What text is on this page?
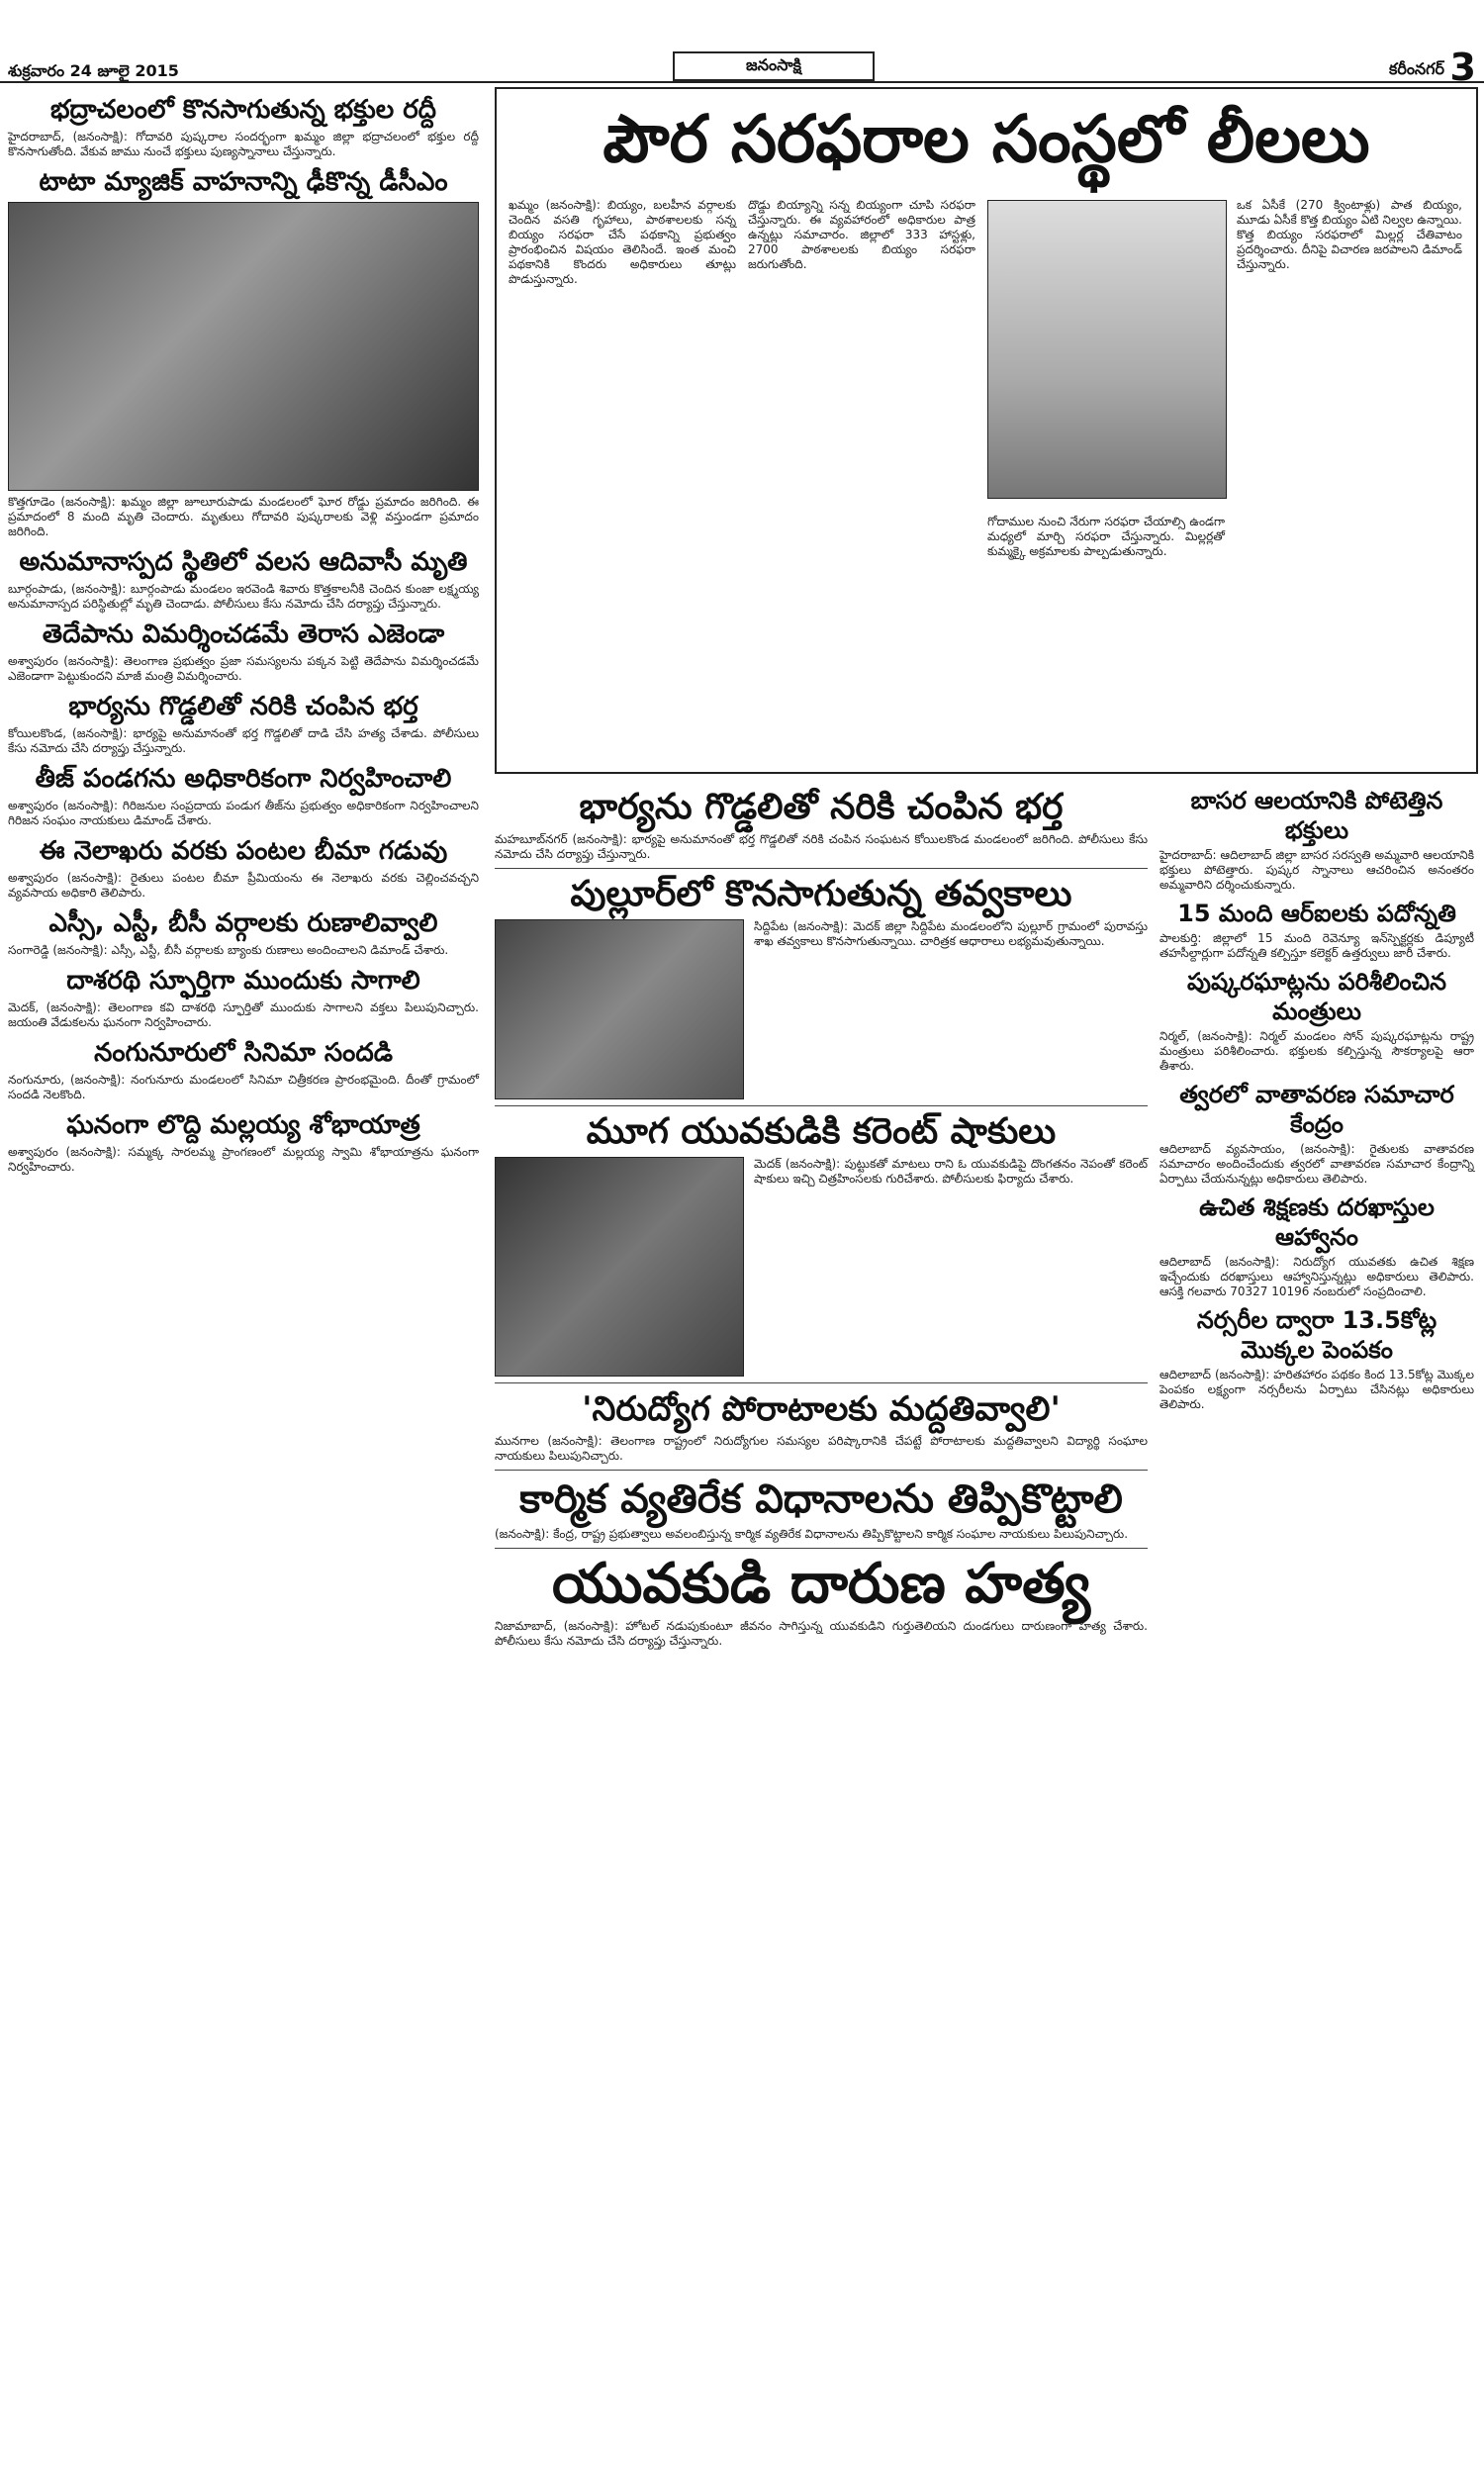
శుక్రవారం 24 జూలై 2015	జనంసాక్షి	కరీంనగర్ 3
భద్రాచలంలో కొనసాగుతున్న భక్తుల రద్దీ

హైదరాబాద్‌, (జనంసాక్షి): గోదావరి పుష్కరాల సందర్భంగా ఖమ్మం జిల్లా భద్రాచలంలో భక్తుల రద్దీ కొనసాగుతోంది. వేకువ జాము నుంచే భక్తులు పుణ్యస్నానాలు చేస్తున్నారు.

టాటా మ్యాజిక్‌ వాహనాన్ని ఢీకొన్న డీసీఎం

కొత్తగూడెం (జనంసాక్షి): ఖమ్మం జిల్లా జూలూరుపాడు మండలంలో ఘోర రోడ్డు ప్రమాదం జరిగింది. ఈ ప్రమాదంలో 8 మంది మృతి చెందారు. మృతులు గోదావరి పుష్కరాలకు వెళ్లి వస్తుండగా ప్రమాదం జరిగింది.

అనుమానాస్పద స్థితిలో వలస ఆదివాసీ మృతి

బూర్గంపాడు, (జనంసాక్షి): బూర్గంపాడు మండలం ఇరవెండి శివారు కొత్తకాలనీకి చెందిన కుంజా లక్ష్మయ్య అనుమానాస్పద పరిస్థితుల్లో మృతి చెందాడు. పోలీసులు కేసు నమోదు చేసి దర్యాప్తు చేస్తున్నారు.

తెదేపాను విమర్శించడమే తెరాస ఎజెండా

అశ్వాపురం (జనంసాక్షి): తెలంగాణ ప్రభుత్వం ప్రజా సమస్యలను పక్కన పెట్టి తెదేపాను విమర్శించడమే ఎజెండాగా పెట్టుకుందని మాజీ మంత్రి విమర్శించారు.

భార్యను గొడ్డలితో నరికి చంపిన భర్త

కోయిలకొండ, (జనంసాక్షి): భార్యపై అనుమానంతో భర్త గొడ్డలితో దాడి చేసి హత్య చేశాడు. పోలీసులు కేసు నమోదు చేసి దర్యాప్తు చేస్తున్నారు.

తీజ్‌ పండగను అధికారికంగా నిర్వహించాలి

అశ్వాపురం (జనంసాక్షి): గిరిజనుల సంప్రదాయ పండుగ తీజ్‌ను ప్రభుత్వం అధికారికంగా నిర్వహించాలని గిరిజన సంఘం నాయకులు డిమాండ్‌ చేశారు.

ఈ నెలాఖరు వరకు పంటల బీమా గడువు

అశ్వాపురం (జనంసాక్షి): రైతులు పంటల బీమా ప్రీమియంను ఈ నెలాఖరు వరకు చెల్లించవచ్చని వ్యవసాయ అధికారి తెలిపారు.

ఎస్సీ, ఎస్టీ, బీసీ వర్గాలకు రుణాలివ్వాలి

సంగారెడ్డి (జనంసాక్షి): ఎస్సీ, ఎస్టీ, బీసీ వర్గాలకు బ్యాంకు రుణాలు అందించాలని డిమాండ్‌ చేశారు.

దాశరథి స్ఫూర్తిగా ముందుకు సాగాలి

మెదక్‌, (జనంసాక్షి): తెలంగాణ కవి దాశరథి స్ఫూర్తితో ముందుకు సాగాలని వక్తలు పిలుపునిచ్చారు. జయంతి వేడుకలను ఘనంగా నిర్వహించారు.

నంగునూరులో సినిమా సందడి

నంగునూరు, (జనంసాక్షి): నంగునూరు మండలంలో సినిమా చిత్రీకరణ ప్రారంభమైంది. దీంతో గ్రామంలో సందడి నెలకొంది.

ఘనంగా లొద్ది మల్లయ్య శోభాయాత్ర

అశ్వాపురం (జనంసాక్షి): సమ్మక్క సారలమ్మ ప్రాంగణంలో మల్లయ్య స్వామి శోభాయాత్రను ఘనంగా నిర్వహించారు.

పౌర సరఫరాల సంస్థలో లీలలు

ఖమ్మం (జనంసాక్షి): బియ్యం, బలహీన వర్గాలకు చెందిన వసతి గృహాలు, పాఠశాలలకు సన్న బియ్యం సరఫరా చేసే పథకాన్ని ప్రభుత్వం ప్రారంభించిన విషయం తెలిసిందే. ఇంత మంచి పథకానికి కొందరు అధికారులు తూట్లు పొడుస్తున్నారు.

దొడ్డు బియ్యాన్ని సన్న బియ్యంగా చూపి సరఫరా చేస్తున్నారు. ఈ వ్యవహారంలో అధికారుల పాత్ర ఉన్నట్లు సమాచారం. జిల్లాలో 333 హాస్టళ్లు, 2700 పాఠశాలలకు బియ్యం సరఫరా జరుగుతోంది.

గోదాముల నుంచి నేరుగా సరఫరా చేయాల్సి ఉండగా మధ్యలో మార్చి సరఫరా చేస్తున్నారు. మిల్లర్లతో కుమ్మక్కై అక్రమాలకు పాల్పడుతున్నారు.

ఒక ఏసీకే (270 క్వింటాళ్లు) పాత బియ్యం, మూడు ఏసీకే కొత్త బియ్యం ఏటి నిల్వల ఉన్నాయి. కొత్త బియ్యం సరఫరాలో మిల్లర్ల చేతివాటం ప్రదర్శించారు. దీనిపై విచారణ జరపాలని డిమాండ్‌ చేస్తున్నారు.

భార్యను గొడ్డలితో నరికి చంపిన భర్త

మహబూబ్‌నగర్‌ (జనంసాక్షి): భార్యపై అనుమానంతో భర్త గొడ్డలితో నరికి చంపిన సంఘటన కోయిలకొండ మండలంలో జరిగింది. పోలీసులు కేసు నమోదు చేసి దర్యాప్తు చేస్తున్నారు.

పుల్లూర్‌లో కొనసాగుతున్న తవ్వకాలు

సిద్దిపేట (జనంసాక్షి): మెదక్‌ జిల్లా సిద్దిపేట మండలంలోని పుల్లూర్‌ గ్రామంలో పురావస్తు శాఖ తవ్వకాలు కొనసాగుతున్నాయి. చారిత్రక ఆధారాలు లభ్యమవుతున్నాయి.

మూగ యువకుడికి కరెంట్‌ షాకులు

మెదక్‌ (జనంసాక్షి): పుట్టుకతో మాటలు రాని ఓ యువకుడిపై దొంగతనం నెపంతో కరెంట్‌ షాకులు ఇచ్చి చిత్రహింసలకు గురిచేశారు. పోలీసులకు ఫిర్యాదు చేశారు.

'నిరుద్యోగ పోరాటాలకు మద్దతివ్వాలి'

మునగాల (జనంసాక్షి): తెలంగాణ రాష్ట్రంలో నిరుద్యోగుల సమస్యల పరిష్కారానికి చేపట్టే పోరాటాలకు మద్దతివ్వాలని విద్యార్థి సంఘాల నాయకులు పిలుపునిచ్చారు.

కార్మిక వ్యతిరేక విధానాలను తిప్పికొట్టాలి

(జనంసాక్షి): కేంద్ర, రాష్ట్ర ప్రభుత్వాలు అవలంబిస్తున్న కార్మిక వ్యతిరేక విధానాలను తిప్పికొట్టాలని కార్మిక సంఘాల నాయకులు పిలుపునిచ్చారు.

యువకుడి దారుణ హత్య

నిజామాబాద్‌, (జనంసాక్షి): హోటల్‌ నడుపుకుంటూ జీవనం సాగిస్తున్న యువకుడిని గుర్తుతెలియని దుండగులు దారుణంగా హత్య చేశారు. పోలీసులు కేసు నమోదు చేసి దర్యాప్తు చేస్తున్నారు.

బాసర ఆలయానికి పోటెత్తిన భక్తులు

హైదరాబాద్‌: ఆదిలాబాద్‌ జిల్లా బాసర సరస్వతి అమ్మవారి ఆలయానికి భక్తులు పోటెత్తారు. పుష్కర స్నానాలు ఆచరించిన అనంతరం అమ్మవారిని దర్శించుకున్నారు.

15 మంది ఆర్‌ఐలకు పదోన్నతి

పాలకుర్తి: జిల్లాలో 15 మంది రెవెన్యూ ఇన్‌స్పెక్టర్లకు డిప్యూటీ తహసీల్దార్లుగా పదోన్నతి కల్పిస్తూ కలెక్టర్‌ ఉత్తర్వులు జారీ చేశారు.

పుష్కరఘాట్లను పరిశీలించిన మంత్రులు

నిర్మల్‌, (జనంసాక్షి): నిర్మల్‌ మండలం సోన్‌ పుష్కరఘాట్లను రాష్ట్ర మంత్రులు పరిశీలించారు. భక్తులకు కల్పిస్తున్న సౌకర్యాలపై ఆరా తీశారు.

త్వరలో వాతావరణ సమాచార కేంద్రం

ఆదిలాబాద్‌ వ్యవసాయం, (జనంసాక్షి): రైతులకు వాతావరణ సమాచారం అందించేందుకు త్వరలో వాతావరణ సమాచార కేంద్రాన్ని ఏర్పాటు చేయనున్నట్లు అధికారులు తెలిపారు.

ఉచిత శిక్షణకు దరఖాస్తుల ఆహ్వానం

ఆదిలాబాద్‌ (జనంసాక్షి): నిరుద్యోగ యువతకు ఉచిత శిక్షణ ఇచ్చేందుకు దరఖాస్తులు ఆహ్వానిస్తున్నట్లు అధికారులు తెలిపారు. ఆసక్తి గలవారు 70327 10196 నంబరులో సంప్రదించాలి.

నర్సరీల ద్వారా 13.5కోట్ల మొక్కల పెంపకం

ఆదిలాబాద్‌ (జనంసాక్షి): హరితహారం పథకం కింద 13.5కోట్ల మొక్కల పెంపకం లక్ష్యంగా నర్సరీలను ఏర్పాటు చేసినట్లు అధికారులు తెలిపారు.
